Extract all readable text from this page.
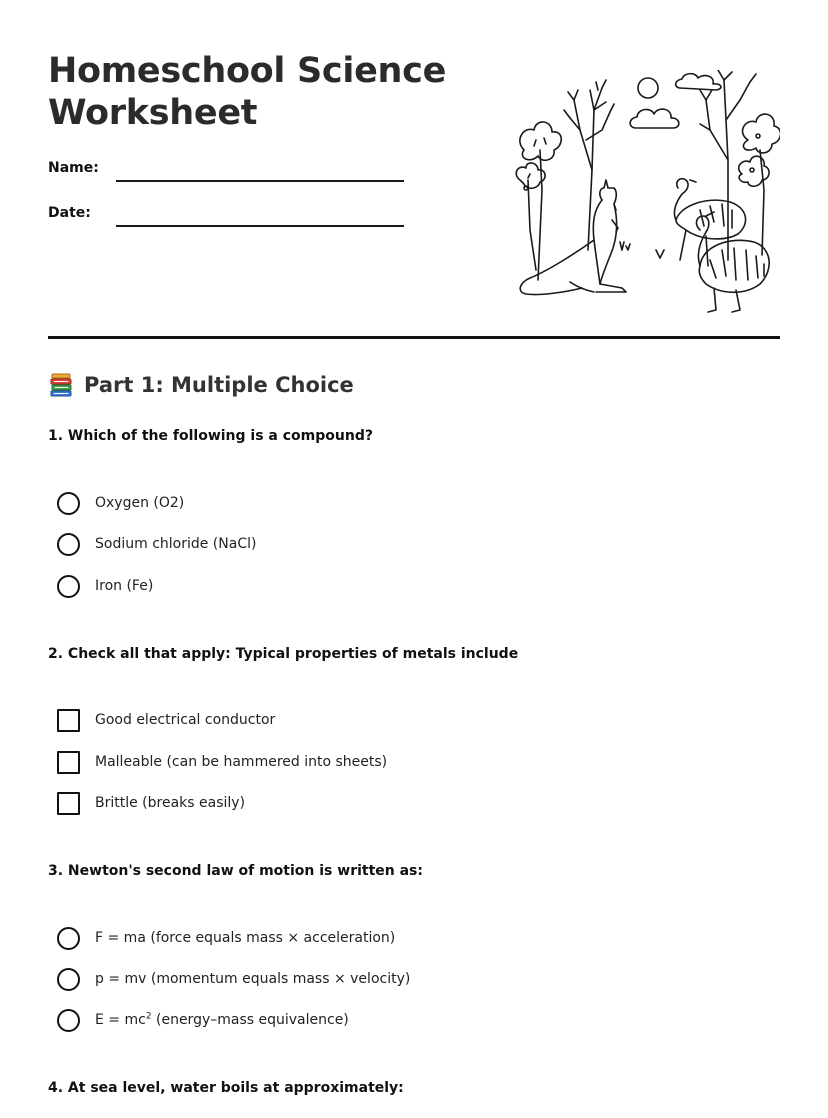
Homeschool Science Worksheet
Name:
Date:
Part 1: Multiple Choice
1. Which of the following is a compound?
Oxygen (O2)
Sodium chloride (NaCl)
Iron (Fe)
2. Check all that apply: Typical properties of metals include
Good electrical conductor
Malleable (can be hammered into sheets)
Brittle (breaks easily)
3. Newton's second law of motion is written as:
F = ma (force equals mass × acceleration)
p = mv (momentum equals mass × velocity)
$E = mc^2$ (energy–mass equivalence)
4. At sea level, water boils at approximately:
